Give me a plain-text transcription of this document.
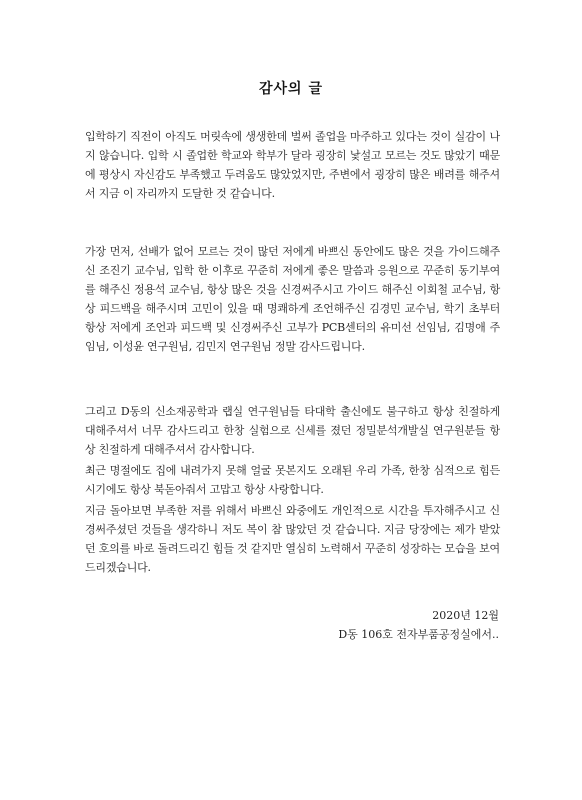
감사의 글

입학하기 직전이 아직도 머릿속에 생생한데 벌써 졸업을 마주하고 있다는 것이 실감이 나지 않습니다. 입학 시 졸업한 학교와 학부가 달라 굉장히 낯설고 모르는 것도 많았기 때문에 평상시 자신감도 부족했고 두려움도 많았었지만, 주변에서 굉장히 많은 배려를 해주셔서 지금 이 자리까지 도달한 것 같습니다.

가장 먼저, 선배가 없어 모르는 것이 많던 저에게 바쁘신 동안에도 많은 것을 가이드해주신 조진기 교수님, 입학 한 이후로 꾸준히 저에게 좋은 말씀과 응원으로 꾸준히 동기부여를 해주신 정용석 교수님, 항상 많은 것을 신경써주시고 가이드 해주신 이회철 교수님, 항상 피드백을 해주시며 고민이 있을 때 명쾌하게 조언해주신 김경민 교수님, 학기 초부터 항상 저에게 조언과 피드백 및 신경써주신 고부가 PCB센터의 유미선 선임님, 김명애 주임님, 이성윤 연구원님, 김민지 연구원님 정말 감사드립니다.

그리고 D동의 신소재공학과 랩실 연구원님들 타대학 출신에도 불구하고 항상 친절하게 대해주셔서 너무 감사드리고 한창 실험으로 신세를 졌던 정밀분석개발실 연구원분들 항상 친절하게 대해주셔서 감사합니다.

최근 명절에도 집에 내려가지 못해 얼굴 못본지도 오래된 우리 가족, 한창 심적으로 힘든 시기에도 항상 북돋아줘서 고맙고 항상 사랑합니다.

지금 돌아보면 부족한 저를 위해서 바쁘신 와중에도 개인적으로 시간을 투자해주시고 신경써주셨던 것들을 생각하니 저도 복이 참 많았던 것 같습니다. 지금 당장에는 제가 받았던 호의를 바로 돌려드리긴 힘들 것 같지만 열심히 노력해서 꾸준히 성장하는 모습을 보여드리겠습니다.

2020년 12월
D동 106호 전자부품공정실에서..
